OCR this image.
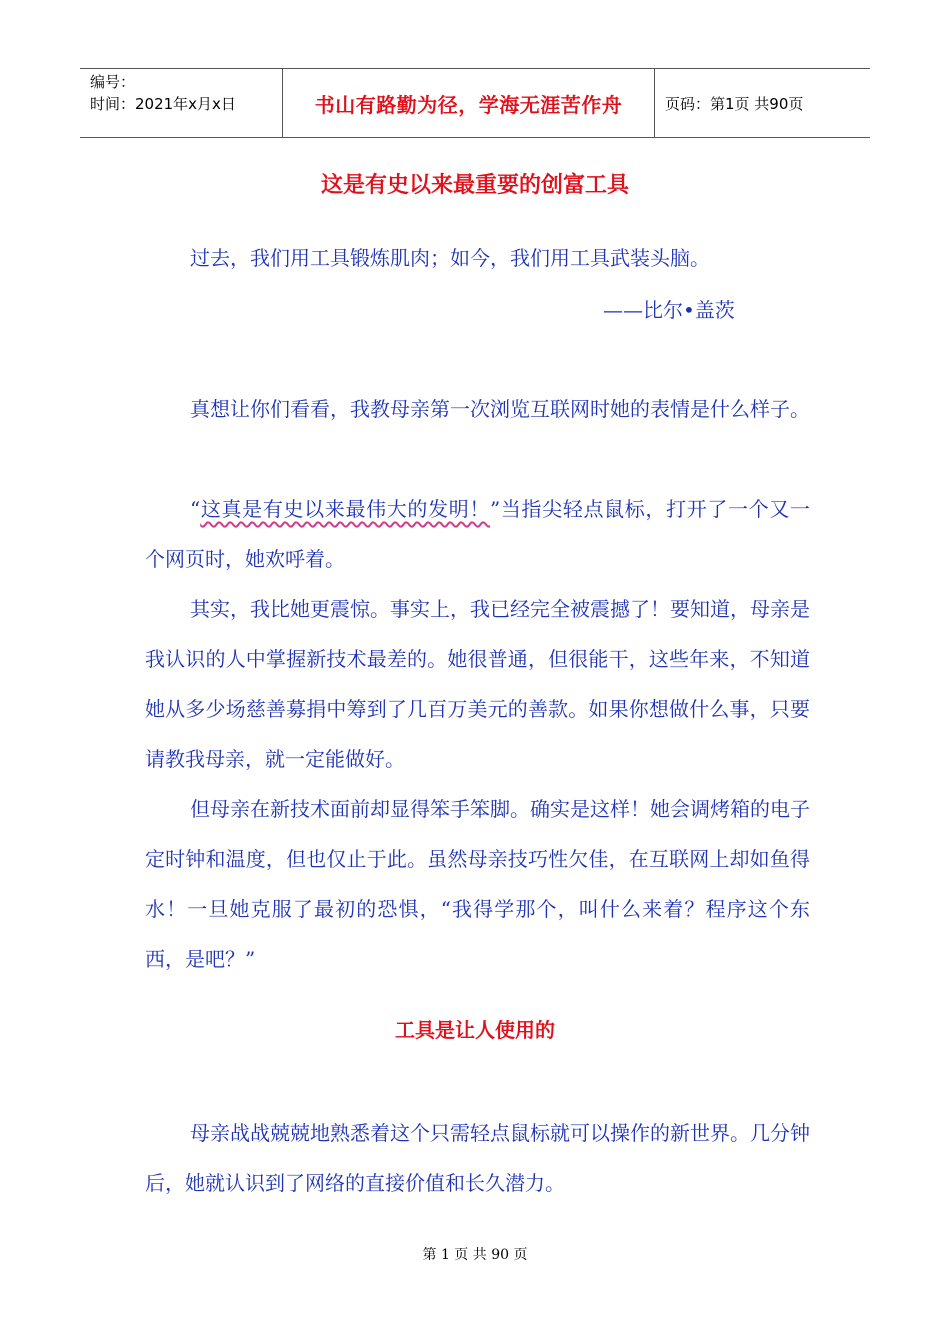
编号：
时间：2021年x月x日	书山有路勤为径，学海无涯苦作舟	页码：第1页 共90页
这是有史以来最重要的创富工具
过去，我们用工具锻炼肌肉；如今，我们用工具武装头脑。
——比尔•盖茨
真想让你们看看，我教母亲第一次浏览互联网时她的表情是什么样子。
“这真是有史以来最伟大的发明！”当指尖轻点鼠标，打开了一个又一个网页时，她欢呼着。
其实，我比她更震惊。事实上，我已经完全被震撼了！要知道，母亲是我认识的人中掌握新技术最差的。她很普通，但很能干，这些年来，不知道她从多少场慈善募捐中筹到了几百万美元的善款。如果你想做什么事，只要请教我母亲，就一定能做好。
但母亲在新技术面前却显得笨手笨脚。确实是这样！她会调烤箱的电子定时钟和温度，但也仅止于此。虽然母亲技巧性欠佳，在互联网上却如鱼得水！一旦她克服了最初的恐惧，“我得学那个，叫什么来着？程序这个东西，是吧？”
工具是让人使用的
母亲战战兢兢地熟悉着这个只需轻点鼠标就可以操作的新世界。几分钟后，她就认识到了网络的直接价值和长久潜力。
第 1 页 共 90 页
